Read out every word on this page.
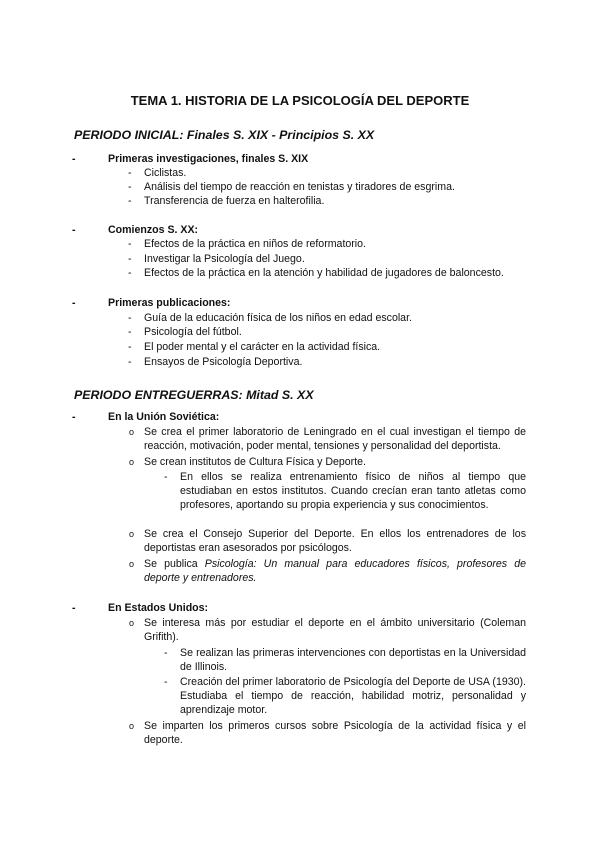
TEMA 1. HISTORIA DE LA PSICOLOGÍA DEL DEPORTE
PERIODO INICIAL: Finales S. XIX - Principios S. XX
- Primeras investigaciones, finales S. XIX
- Ciclistas.
- Análisis del tiempo de reacción en tenistas y tiradores de esgrima.
- Transferencia de fuerza en halterofilia.
- Comienzos S. XX:
- Efectos de la práctica en niños de reformatorio.
- Investigar la Psicología del Juego.
- Efectos de la práctica en la atención y habilidad de jugadores de baloncesto.
- Primeras publicaciones:
- Guía de la educación física de los niños en edad escolar.
- Psicología del fútbol.
- El poder mental y el carácter en la actividad física.
- Ensayos de Psicología Deportiva.
PERIODO ENTREGUERRAS: Mitad S. XX
- En la Unión Soviética:
o Se crea el primer laboratorio de Leningrado en el cual investigan el tiempo de reacción, motivación, poder mental, tensiones y personalidad del deportista.
o Se crean institutos de Cultura Física y Deporte.
- En ellos se realiza entrenamiento físico de niños al tiempo que estudiaban en estos institutos. Cuando crecían eran tanto atletas como profesores, aportando su propia experiencia y sus conocimientos.
o Se crea el Consejo Superior del Deporte. En ellos los entrenadores de los deportistas eran asesorados por psicólogos.
o Se publica Psicología: Un manual para educadores físicos, profesores de deporte y entrenadores.
- En Estados Unidos:
o Se interesa más por estudiar el deporte en el ámbito universitario (Coleman Grifith).
- Se realizan las primeras intervenciones con deportistas en la Universidad de Illinois.
- Creación del primer laboratorio de Psicología del Deporte de USA (1930). Estudiaba el tiempo de reacción, habilidad motriz, personalidad y aprendizaje motor.
o Se imparten los primeros cursos sobre Psicología de la actividad física y el deporte.
